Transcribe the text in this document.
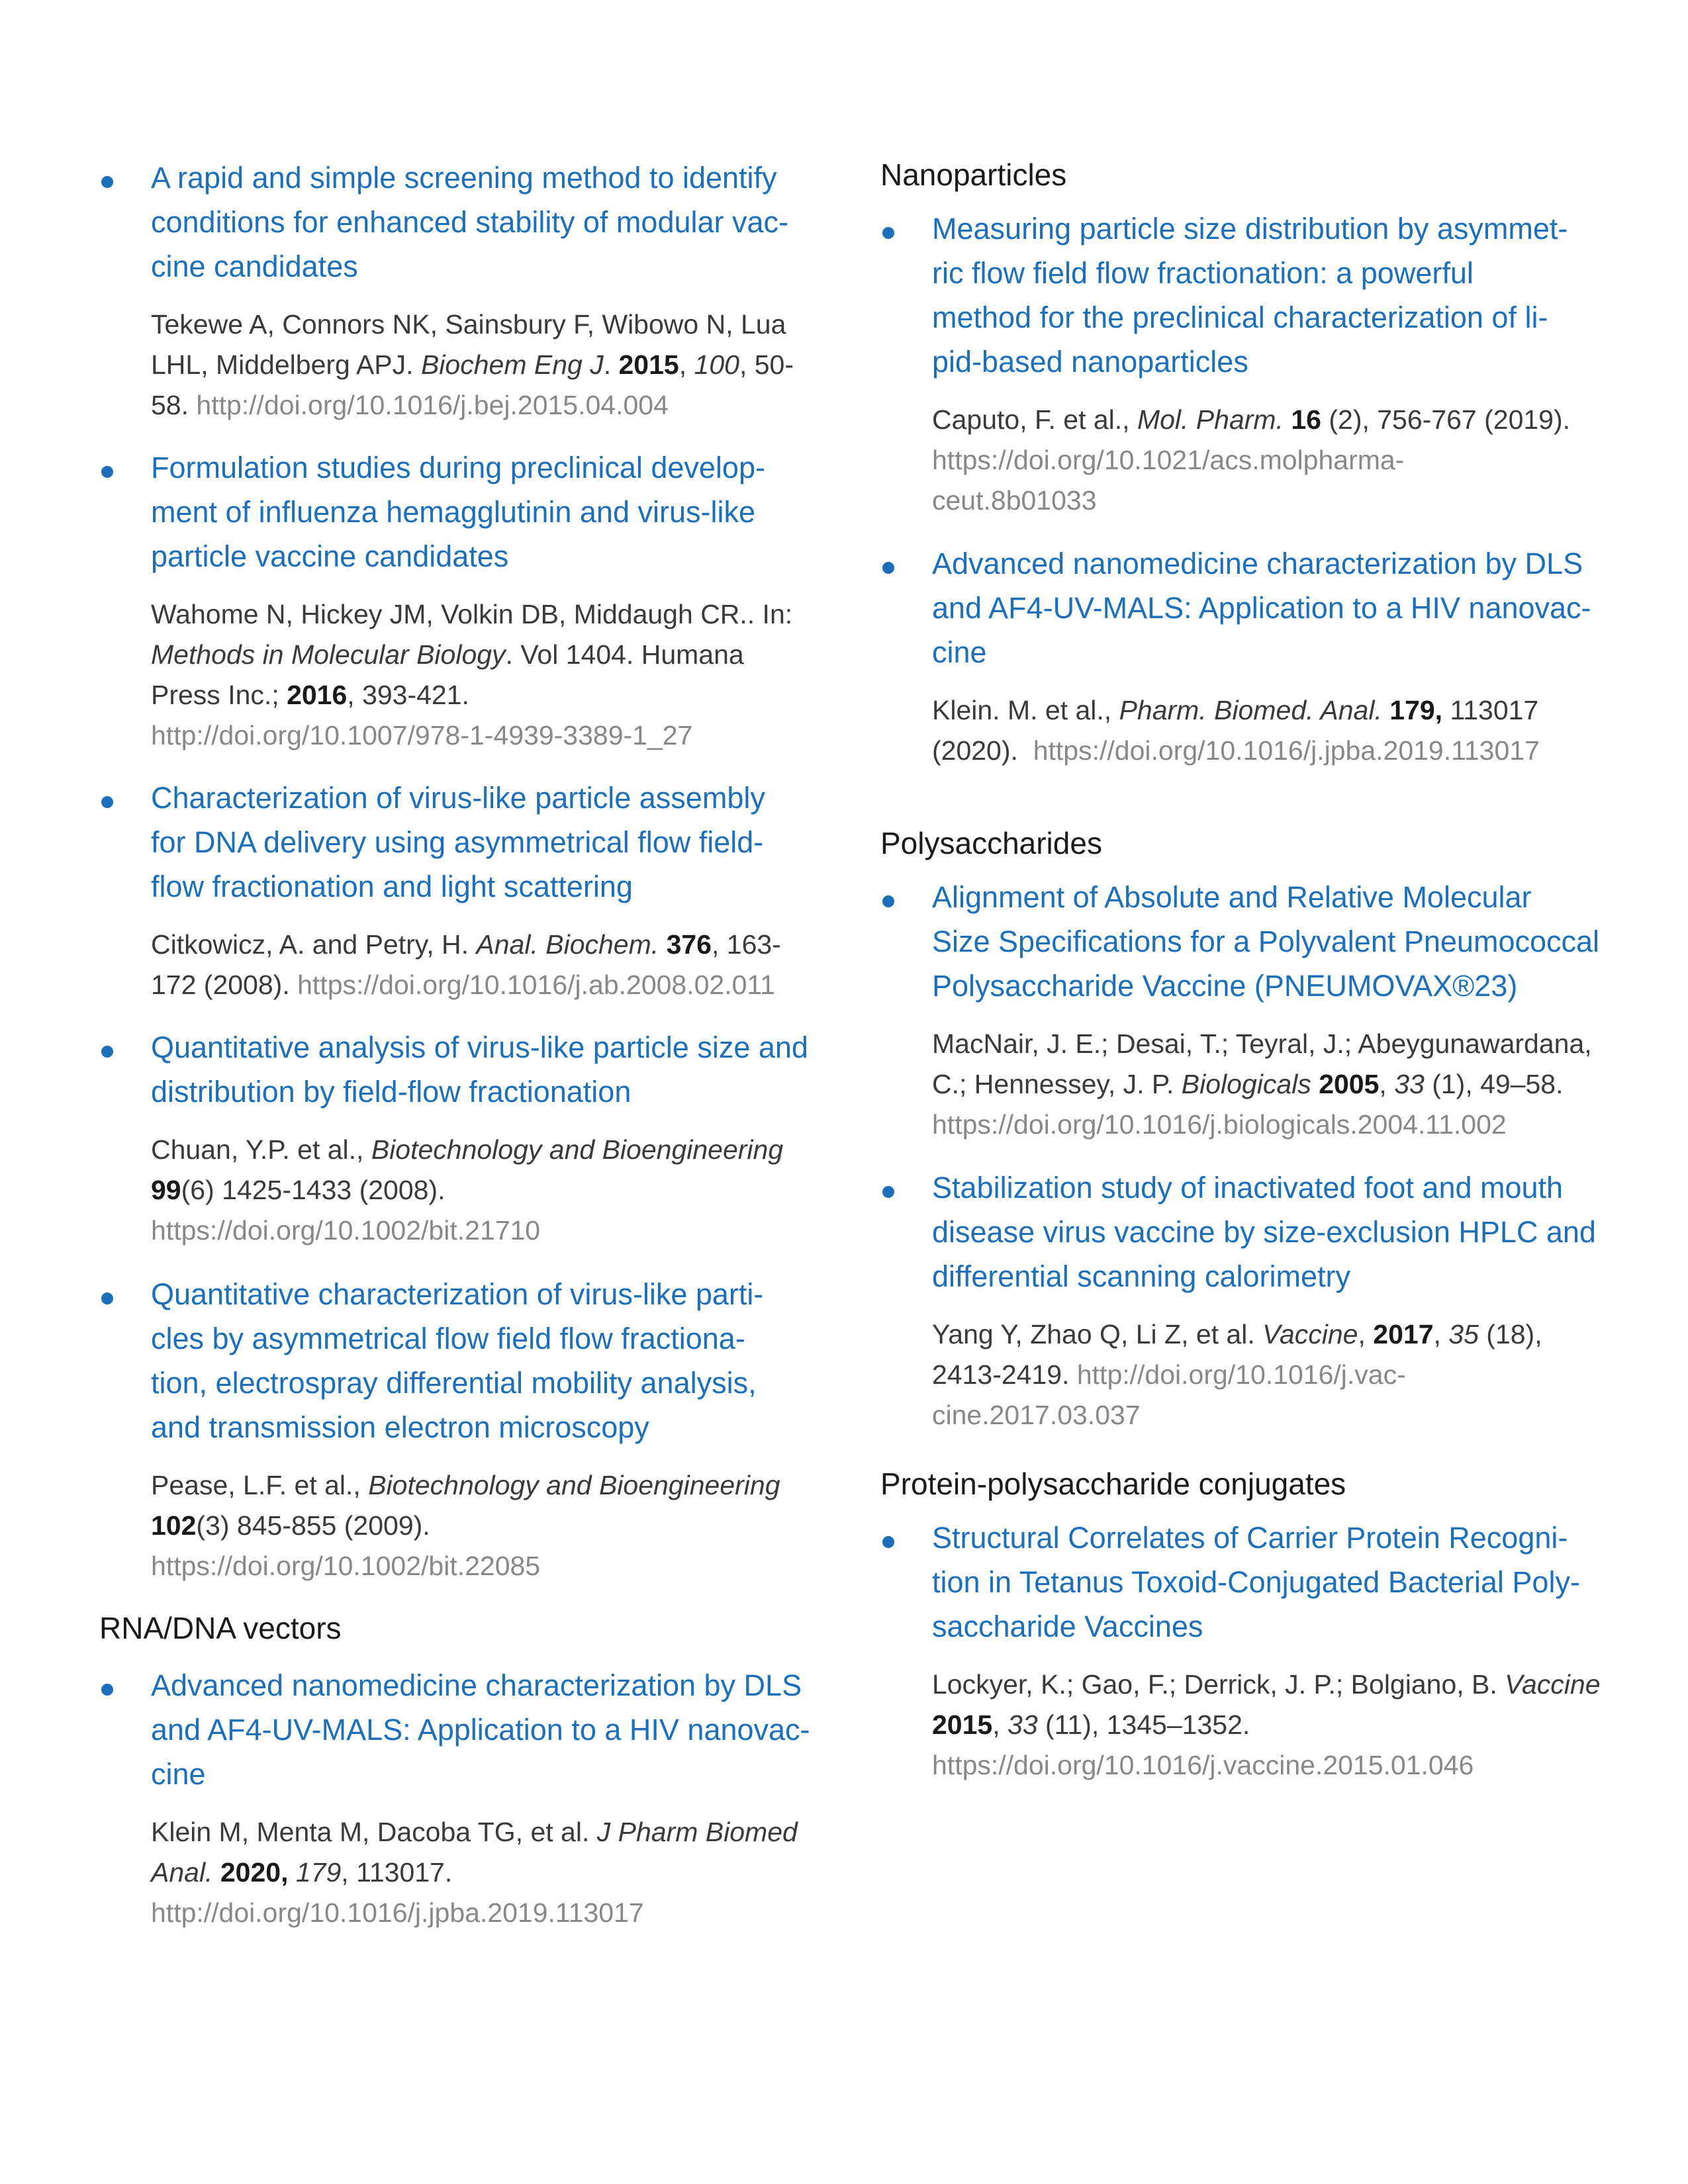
A rapid and simple screening method to identify
conditions for enhanced stability of modular vac-
cine candidates
Tekewe A, Connors NK, Sainsbury F, Wibowo N, Lua
LHL, Middelberg APJ. Biochem Eng J. 2015, 100, 50-
58. http://doi.org/10.1016/j.bej.2015.04.004
Formulation studies during preclinical develop-
ment of influenza hemagglutinin and virus-like
particle vaccine candidates
Wahome N, Hickey JM, Volkin DB, Middaugh CR.. In:
Methods in Molecular Biology. Vol 1404. Humana
Press Inc.; 2016, 393-421.
http://doi.org/10.1007/978-1-4939-3389-1_27
Characterization of virus-like particle assembly
for DNA delivery using asymmetrical flow field-
flow fractionation and light scattering
Citkowicz, A. and Petry, H. Anal. Biochem. 376, 163-
172 (2008). https://doi.org/10.1016/j.ab.2008.02.011
Quantitative analysis of virus-like particle size and
distribution by field-flow fractionation
Chuan, Y.P. et al., Biotechnology and Bioengineering
99(6) 1425-1433 (2008).
https://doi.org/10.1002/bit.21710
Quantitative characterization of virus-like parti-
cles by asymmetrical flow field flow fractiona-
tion, electrospray differential mobility analysis,
and transmission electron microscopy
Pease, L.F. et al., Biotechnology and Bioengineering
102(3) 845-855 (2009).
https://doi.org/10.1002/bit.22085
RNA/DNA vectors
Advanced nanomedicine characterization by DLS
and AF4-UV-MALS: Application to a HIV nanovac-
cine
Klein M, Menta M, Dacoba TG, et al. J Pharm Biomed
Anal. 2020, 179, 113017.
http://doi.org/10.1016/j.jpba.2019.113017
Nanoparticles
Measuring particle size distribution by asymmet-
ric flow field flow fractionation: a powerful
method for the preclinical characterization of li-
pid-based nanoparticles
Caputo, F. et al., Mol. Pharm. 16 (2), 756-767 (2019).
https://doi.org/10.1021/acs.molpharma-
ceut.8b01033
Advanced nanomedicine characterization by DLS
and AF4-UV-MALS: Application to a HIV nanovac-
cine
Klein. M. et al., Pharm. Biomed. Anal. 179, 113017
(2020).  https://doi.org/10.1016/j.jpba.2019.113017
Polysaccharides
Alignment of Absolute and Relative Molecular
Size Specifications for a Polyvalent Pneumococcal
Polysaccharide Vaccine (PNEUMOVAX®23)
MacNair, J. E.; Desai, T.; Teyral, J.; Abeygunawardana,
C.; Hennessey, J. P. Biologicals 2005, 33 (1), 49–58.
https://doi.org/10.1016/j.biologicals.2004.11.002
Stabilization study of inactivated foot and mouth
disease virus vaccine by size-exclusion HPLC and
differential scanning calorimetry
Yang Y, Zhao Q, Li Z, et al. Vaccine, 2017, 35 (18),
2413-2419. http://doi.org/10.1016/j.vac-
cine.2017.03.037
Protein-polysaccharide conjugates
Structural Correlates of Carrier Protein Recogni-
tion in Tetanus Toxoid-Conjugated Bacterial Poly-
saccharide Vaccines
Lockyer, K.; Gao, F.; Derrick, J. P.; Bolgiano, B. Vaccine
2015, 33 (11), 1345–1352.
https://doi.org/10.1016/j.vaccine.2015.01.046
